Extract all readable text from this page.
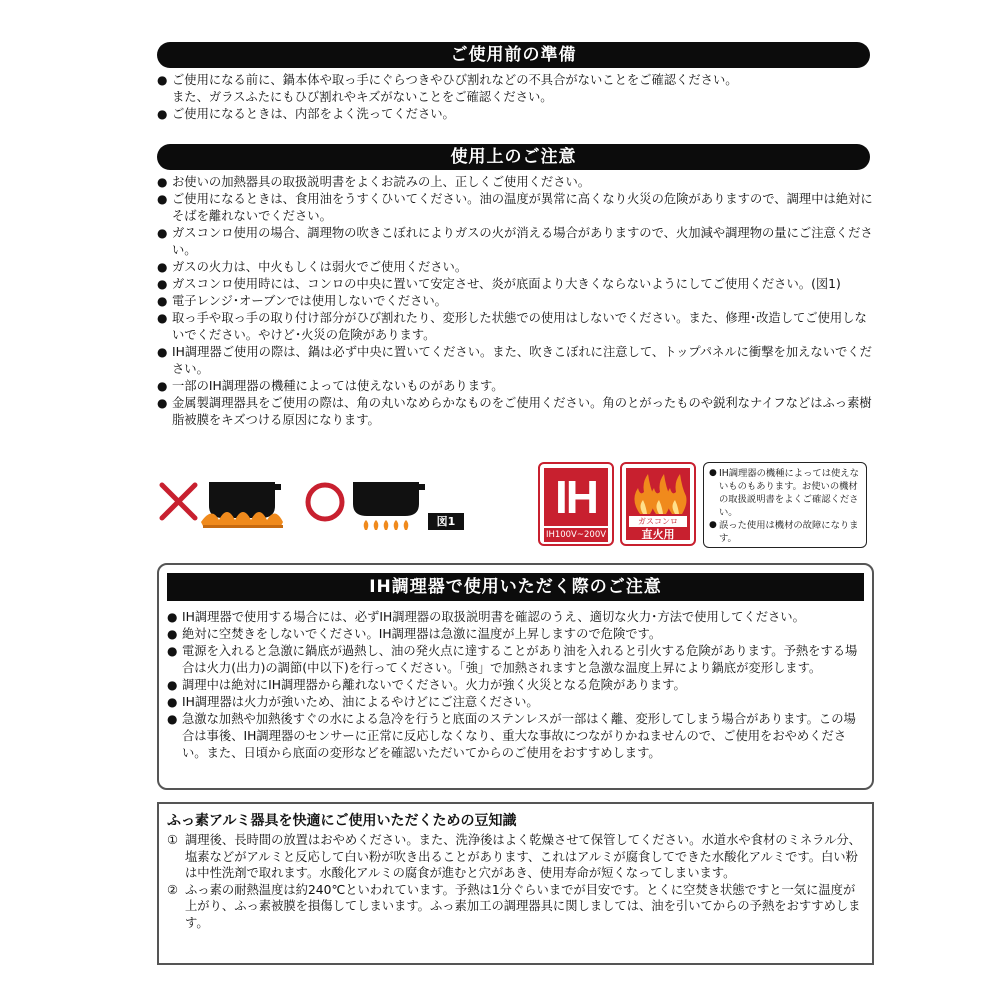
ご使用前の準備
● ご使用になる前に、鍋本体や取っ手にぐらつきやひび割れなどの不具合がないことをご確認ください。
また、ガラスふたにもひび割れやキズがないことをご確認ください。
● ご使用になるときは、内部をよく洗ってください。
使用上のご注意
● お使いの加熱器具の取扱説明書をよくお読みの上、正しくご使用ください。
● ご使用になるときは、食用油をうすくひいてください。油の温度が異常に高くなり火災の危険がありますので、調理中は絶対にそばを離れないでください。
● ガスコンロ使用の場合、調理物の吹きこぼれによりガスの火が消える場合がありますので、火加減や調理物の量にご注意ください。
● ガスの火力は、中火もしくは弱火でご使用ください。
● ガスコンロ使用時には、コンロの中央に置いて安定させ、炎が底面より大きくならないようにしてご使用ください。(図1)
● 電子レンジ･オーブンでは使用しないでください。
● 取っ手や取っ手の取り付け部分がひび割れたり、変形した状態での使用はしないでください。また、修理･改造してご使用しないでください。やけど･火災の危険があります。
● IH調理器ご使用の際は、鍋は必ず中央に置いてください。また、吹きこぼれに注意して、トップパネルに衝撃を加えないでください。
● 一部のIH調理器の機種によっては使えないものがあります。
● 金属製調理器具をご使用の際は、角の丸いなめらかなものをご使用ください。角のとがったものや鋭利なナイフなどはふっ素樹脂被膜をキズつける原因になります。
図1 IH
IH100V~200V
ガスコンロ
直火用
● IH調理器の機種によっては使えないものもあります。お使いの機材の取扱説明書をよくご確認ください。
● 誤った使用は機材の故障になります。
IH調理器で使用いただく際のご注意
● IH調理器で使用する場合には、必ずIH調理器の取扱説明書を確認のうえ、適切な火力･方法で使用してください。
● 絶対に空焚きをしないでください。IH調理器は急激に温度が上昇しますので危険です。
● 電源を入れると急激に鍋底が過熱し、油の発火点に達することがあり油を入れると引火する危険があります。予熱をする場合は火力(出力)の調節(中以下)を行ってください。「強」で加熱されますと急激な温度上昇により鍋底が変形します。
● 調理中は絶対にIH調理器から離れないでください。火力が強く火災となる危険があります。
● IH調理器は火力が強いため、油によるやけどにご注意ください。
● 急激な加熱や加熱後すぐの水による急冷を行うと底面のステンレスが一部はく離、変形してしまう場合があります。この場合は事後、IH調理器のセンサーに正常に反応しなくなり、重大な事故につながりかねませんので、ご使用をおやめください。また、日頃から底面の変形などを確認いただいてからのご使用をおすすめします。
ふっ素アルミ器具を快適にご使用いただくための豆知識
① 調理後、長時間の放置はおやめください。また、洗浄後はよく乾燥させて保管してください。水道水や食材のミネラル分、塩素などがアルミと反応して白い粉が吹き出ることがあります、これはアルミが腐食してできた水酸化アルミです。白い粉は中性洗剤で取れます。水酸化アルミの腐食が進むと穴があき、使用寿命が短くなってしまいます。
② ふっ素の耐熱温度は約240℃といわれています。予熱は1分ぐらいまでが目安です。とくに空焚き状態ですと一気に温度が上がり、ふっ素被膜を損傷してしまいます。ふっ素加工の調理器具に関しましては、油を引いてからの予熱をおすすめします。
